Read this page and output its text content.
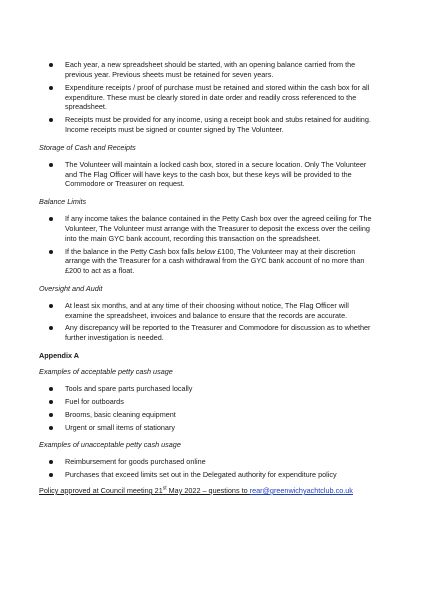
Each year, a new spreadsheet should be started, with an opening balance carried from the previous year. Previous sheets must be retained for seven years.
Expenditure receipts / proof of purchase must be retained and stored within the cash box for all expenditure. These must be clearly stored in date order and readily cross referenced to the spreadsheet.
Receipts must be provided for any income, using a receipt book and stubs retained for auditing. Income receipts must be signed or counter signed by The Volunteer.
Storage of Cash and Receipts
The Volunteer will maintain a locked cash box, stored in a secure location. Only The Volunteer and The Flag Officer will have keys to the cash box, but these keys will be provided to the Commodore or Treasurer on request.
Balance Limits
If any income takes the balance contained in the Petty Cash box over the agreed ceiling for The Volunteer, The Volunteer must arrange with the Treasurer to deposit the excess over the ceiling into the main GYC bank account, recording this transaction on the spreadsheet.
If the balance in the Petty Cash box falls below £100, The Volunteer may at their discretion arrange with the Treasurer for a cash withdrawal from the GYC bank account of no more than £200 to act as a float.
Oversight and Audit
At least six months, and at any time of their choosing without notice, The Flag Officer will examine the spreadsheet, invoices and balance to ensure that the records are accurate.
Any discrepancy will be reported to the Treasurer and Commodore for discussion as to whether further investigation is needed.
Appendix A
Examples of acceptable petty cash usage
Tools and spare parts purchased locally
Fuel for outboards
Brooms, basic cleaning equipment
Urgent or small items of stationary
Examples of unacceptable petty cash usage
Reimbursement for goods purchased online
Purchases that exceed limits set out in the Delegated authority for expenditure policy
Policy approved at Council meeting 21st May 2022 – questions to rear@greenwichyachtclub.co.uk
